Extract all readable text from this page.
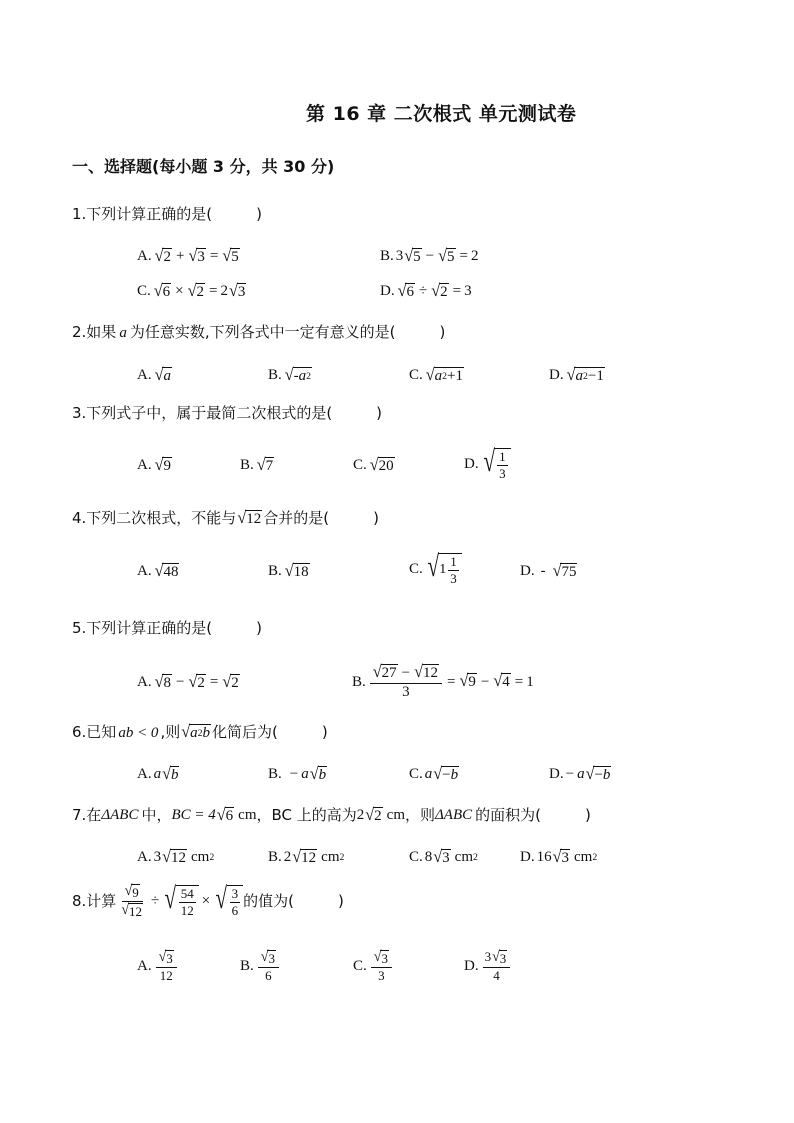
第 16 章 二次根式 单元测试卷
一、选择题(每小题 3 分，共 30 分)
1.下列计算正确的是(	)
A. √ 2 + √ 3 = √ 5	B. 3 √ 5 − √ 5 = 2
C. √ 6 × √ 2 = 2 √ 3	D. √ 6 ÷ √ 2 = 3
2.如果 a 为任意实数,下列各式中一定有意义的是(	)
A. √ a	B. √ -a 2	C. √ a 2 +1	D. √ a 2 −1
3.下列式子中，属于最简二次根式的是(	)
A. √ 9	B. √ 7	C. √ 20	D. √ $\frac{1}{3}$
4.下列二次根式，不能与 √ 12 合并的是(	)
A. √ 48	B. √ 18	C. √ $1 \frac{1}{3}$	D. - √ 75
5.下列计算正确的是(	)
A. √ 8 − √ 2 = √ 2	B. $\frac{√ 27 - √ 12}{3}$ = √ 9 − √ 4 = 1
6.已知 ab < 0 ,则 √ a 2 b 化简后为(	)
A. a √ b	B. − a √ b	C. a √ − b	D. − a √ − b
7.在 ΔABC 中， BC = 4 √ 6 cm ，BC 上的高为 2 √ 2 cm ，则 ΔABC 的面积为(	)
A. 3 √ 12 cm 2	B. 2 √ 12 cm 2	C. 8 √ 3 cm 2	D. 16 √ 3 cm 2
8.计算 $\frac{√ 9}{√ 12}$ ÷ √ $\frac{54}{12}$ × √ $\frac{3}{6}$ 的值为(	)
A. $\frac{√ 3}{12}$	B. $\frac{√ 3}{6}$	C. $\frac{√ 3}{3}$	D. $\frac{3 √ 3}{4}$
